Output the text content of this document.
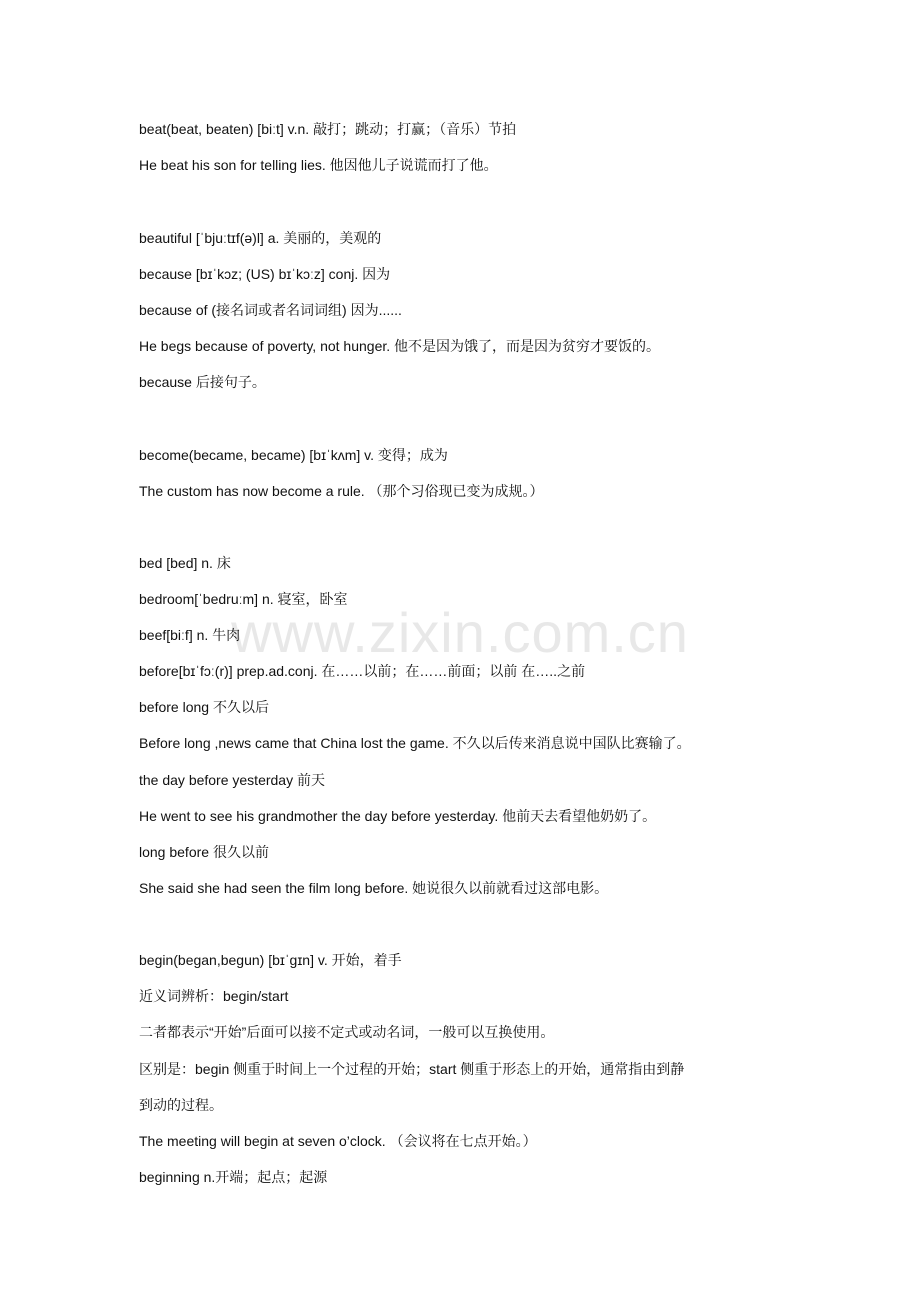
www.zixin.com.cn
beat(beat, beaten) [biːt] v.n. 敲打；跳动；打赢；（音乐）节拍
He beat his son for telling lies. 他因他儿子说谎而打了他。
beautiful [ˈbjuːtɪf(ə)l] a. 美丽的，美观的
because [bɪˈkɔz; (US) bɪˈkɔːz] conj. 因为
because of (接名词或者名词词组) 因为......
He begs because of poverty, not hunger. 他不是因为饿了，而是因为贫穷才要饭的。
because 后接句子。
become(became, became) [bɪˈkʌm] v. 变得；成为
The custom has now become a rule. （那个习俗现已变为成规。）
bed [bed] n. 床
bedroom[ˈbedruːm] n. 寝室，卧室
beef[biːf] n. 牛肉
before[bɪˈfɔː(r)] prep.ad.conj. 在……以前；在……前面；以前 在…..之前
before long 不久以后
Before long ,news came that China lost the game. 不久以后传来消息说中国队比赛输了。
the day before yesterday 前天
He went to see his grandmother the day before yesterday. 他前天去看望他奶奶了。
long before 很久以前
She said she had seen the film long before. 她说很久以前就看过这部电影。
begin(began,begun) [bɪˈɡɪn] v. 开始，着手
近义词辨析：begin/start
二者都表示“开始”后面可以接不定式或动名词，一般可以互换使用。
区别是：begin 侧重于时间上一个过程的开始；start 侧重于形态上的开始，通常指由到静
到动的过程。
The meeting will begin at seven o’clock. （会议将在七点开始。）
beginning n.开端；起点；起源
